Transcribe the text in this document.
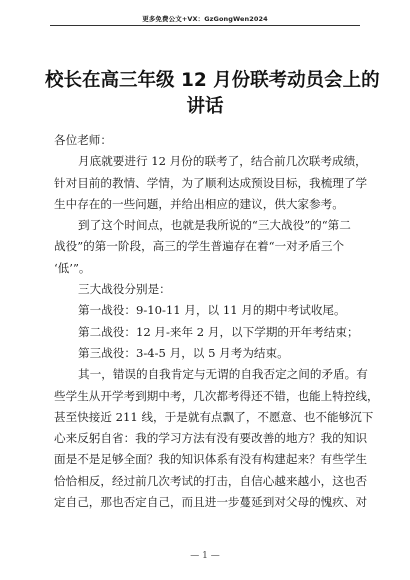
更多免费公文+VX：GzGongWen2024
校长在高三年级 12 月份联考动员会上的
讲话

各位老师：

月底就要进行 12 月份的联考了，结合前几次联考成绩，
针对目前的教情、学情，为了顺利达成预设目标，我梳理了学
生中存在的一些问题，并给出相应的建议，供大家参考。

到了这个时间点，也就是我所说的“三大战役”的“第二
战役”的第一阶段，高三的学生普遍存在着“一对矛盾三个
‘低’”。

三大战役分别是：

第一战役：9-10-11 月，以 11 月的期中考试收尾。

第二战役：12 月-来年 2 月，以下学期的开年考结束；

第三战役：3-4-5 月，以 5 月考为结束。

其一，错误的自我肯定与无谓的自我否定之间的矛盾。有
些学生从开学考到期中考，几次都考得还不错，也能上特控线，
甚至快接近 211 线，于是就有点飘了，不愿意、也不能够沉下
心来反躬自省：我的学习方法有没有要改善的地方？我的知识
面是不是足够全面？我的知识体系有没有构建起来？有些学生
恰恰相反，经过前几次考试的打击，自信心越来越小，这也否
定自己，那也否定自己，而且进一步蔓延到对父母的愧疚、对

— 1 —
